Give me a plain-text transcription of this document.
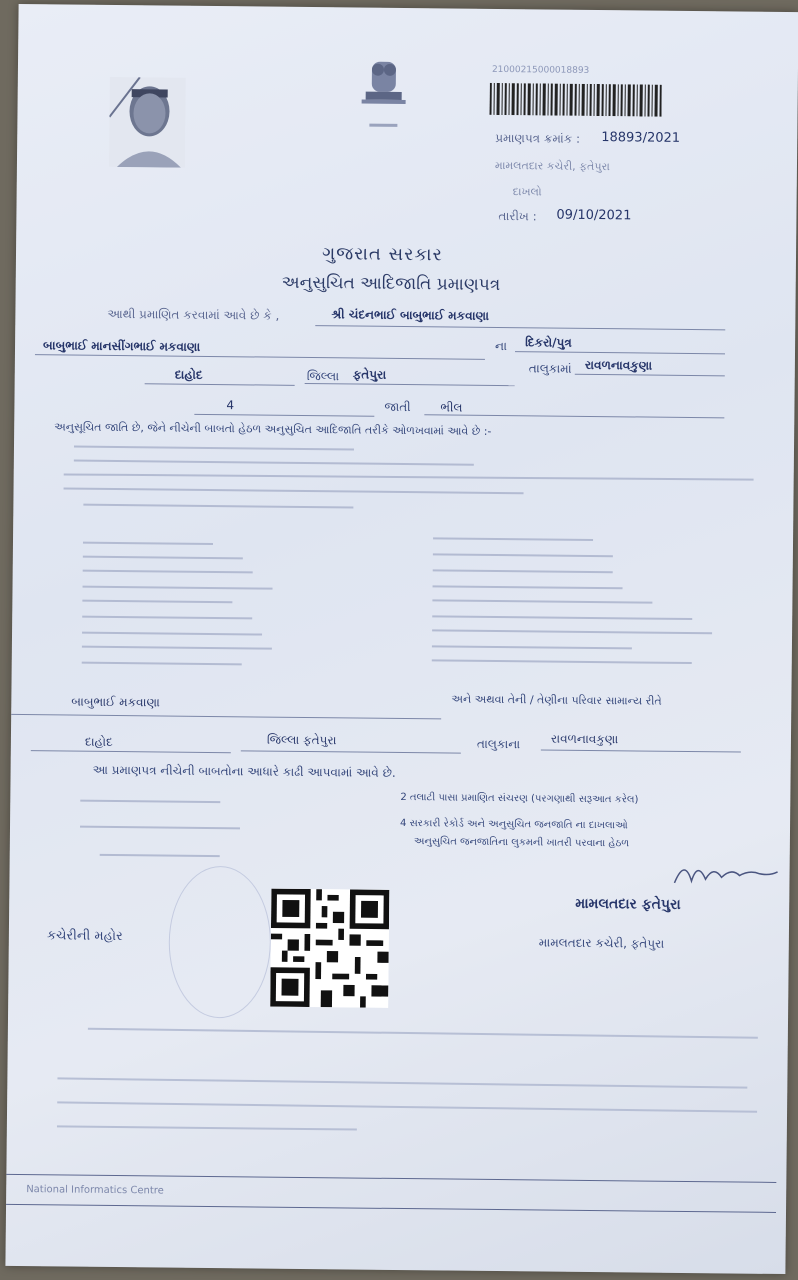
21000215000018893
પ્રમાણપત્ર ક્રમાંક : 18893/2021
મામલતદાર કચેરી, ફતેપુરા
દાખલો
તારીખ : 09/10/2021
ગુજરાત સરકાર
અનુસુચિત આદિજાતિ પ્રમાણપત્ર
આથી પ્રમાણિત કરવામાં આવે છે કે ,	શ્રી ચંદનભાઈ બાબુભાઈ મકવાણા
બાબુભાઈ માનસીંગભાઈ મકવાણા	ના દિકરો/પુત્ર
દાહોદ	જિલ્લા ફતેપુરા	તાલુકામાં રાવળનાવકુણા
4	જાતી ભીલ
અનુસૂચિત જાતિ છે, જેને નીચેની બાબતો હેઠળ અનુસુચિત આદિજાતિ તરીકે ઓળખવામાં આવે છે :-
બાબુભાઈ મકવાણા	અને અથવા તેની / તેણીના પરિવાર સામાન્ય રીતે
દાહોદ	જિલ્લા ફતેપુરા	તાલુકાના	રાવળનાવકુણા
આ પ્રમાણપત્ર નીચેની બાબતોના આધારે કાઢી આપવામાં આવે છે.
2 તલાટી પાસા પ્રમાણિત સંચરણ (પરગણાથી સરૂઆત કરેલ)
4 સરકારી રેકોર્ડ અને અનુસુચિત જનજાતિ ના દાખલાઓ
અનુસુચિત જનજાતિના લુકમની ખાતરી પરવાના હેઠળ
કચેરીની મહોર
મામલતદાર ફતેપુરા
મામલતદાર કચેરી, ફતેપુરા
National Informatics Centre
